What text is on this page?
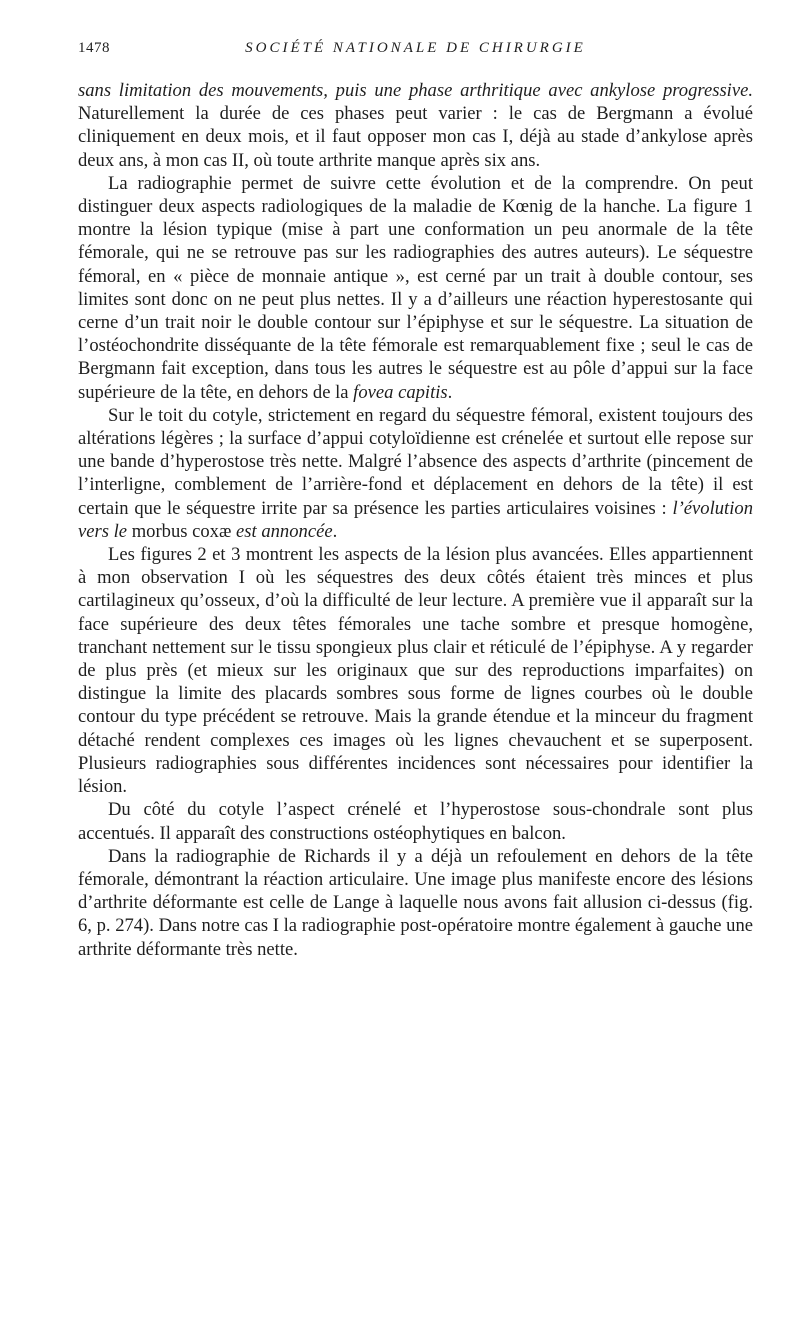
1478	SOCIÉTÉ NATIONALE DE CHIRURGIE

sans limitation des mouvements, puis une phase arthritique avec ankylose progressive. Naturellement la durée de ces phases peut varier : le cas de Bergmann a évolué cliniquement en deux mois, et il faut opposer mon cas I, déjà au stade d’ankylose après deux ans, à mon cas II, où toute arthrite manque après six ans.

La radiographie permet de suivre cette évolution et de la comprendre. On peut distinguer deux aspects radiologiques de la maladie de Kœnig de la hanche. La figure 1 montre la lésion typique (mise à part une conformation un peu anormale de la tête fémorale, qui ne se retrouve pas sur les radiographies des autres auteurs). Le séquestre fémoral, en « pièce de monnaie antique », est cerné par un trait à double contour, ses limites sont donc on ne peut plus nettes. Il y a d’ailleurs une réaction hyperestosante qui cerne d’un trait noir le double contour sur l’épiphyse et sur le séquestre. La situation de l’ostéochondrite disséquante de la tête fémorale est remarquablement fixe ; seul le cas de Bergmann fait exception, dans tous les autres le séquestre est au pôle d’appui sur la face supérieure de la tête, en dehors de la fovea capitis.

Sur le toit du cotyle, strictement en regard du séquestre fémoral, existent toujours des altérations légères ; la surface d’appui cotyloïdienne est crénelée et surtout elle repose sur une bande d’hyperostose très nette. Malgré l’absence des aspects d’arthrite (pincement de l’interligne, comblement de l’arrière-fond et déplacement en dehors de la tête) il est certain que le séquestre irrite par sa présence les parties articulaires voisines : l’évolution vers le morbus coxæ est annoncée.

Les figures 2 et 3 montrent les aspects de la lésion plus avancées. Elles appartiennent à mon observation I où les séquestres des deux côtés étaient très minces et plus cartilagineux qu’osseux, d’où la difficulté de leur lecture. A première vue il apparaît sur la face supérieure des deux têtes fémorales une tache sombre et presque homogène, tranchant nettement sur le tissu spongieux plus clair et réticulé de l’épiphyse. A y regarder de plus près (et mieux sur les originaux que sur des reproductions imparfaites) on distingue la limite des placards sombres sous forme de lignes courbes où le double contour du type précédent se retrouve. Mais la grande étendue et la minceur du fragment détaché rendent complexes ces images où les lignes chevauchent et se superposent. Plusieurs radiographies sous différentes incidences sont nécessaires pour identifier la lésion.

Du côté du cotyle l’aspect crénelé et l’hyperostose sous-chondrale sont plus accentués. Il apparaît des constructions ostéophytiques en balcon.

Dans la radiographie de Richards il y a déjà un refoulement en dehors de la tête fémorale, démontrant la réaction articulaire. Une image plus manifeste encore des lésions d’arthrite déformante est celle de Lange à laquelle nous avons fait allusion ci-dessus (fig. 6, p. 274). Dans notre cas I la radiographie post-opératoire montre également à gauche une arthrite déformante très nette.
